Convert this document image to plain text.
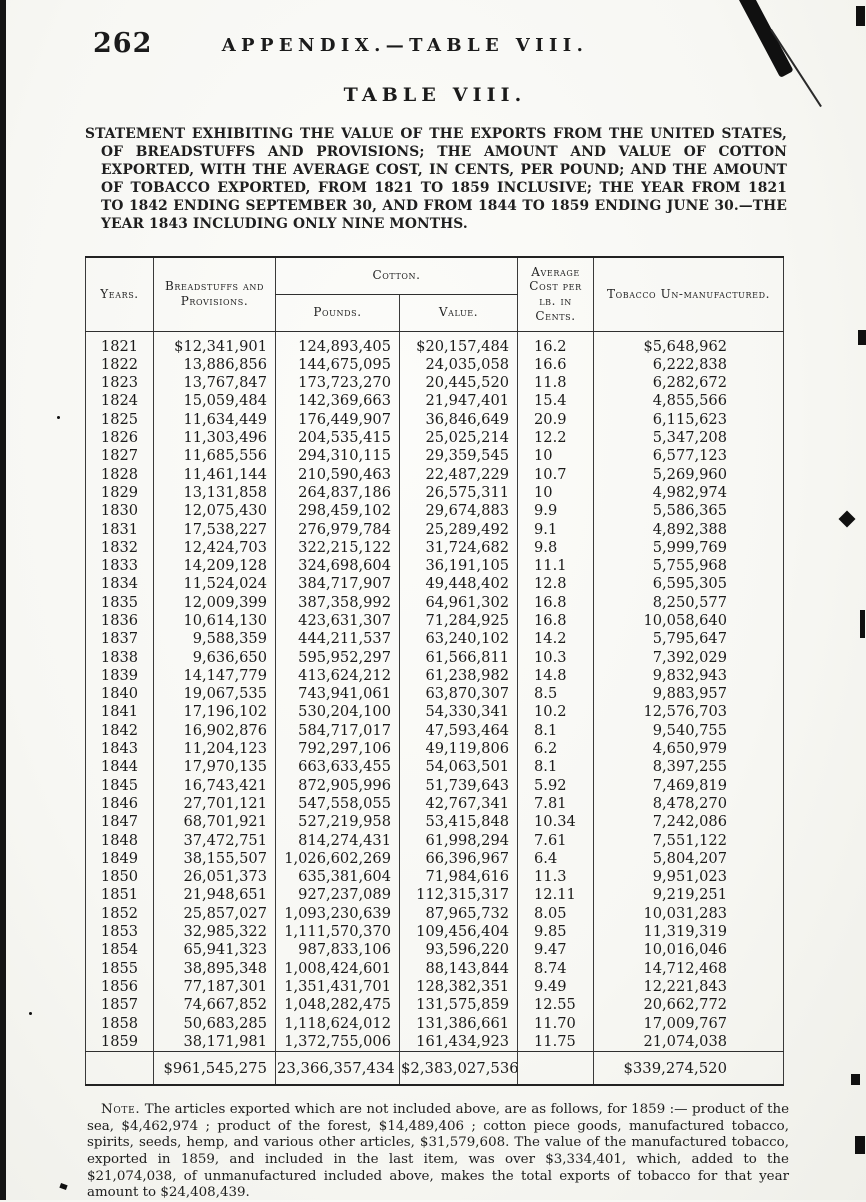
262	APPENDIX.—TABLE VIII.
TABLE VIII.

STATEMENT EXHIBITING THE VALUE OF THE EXPORTS FROM THE UNITED STATES, OF BREADSTUFFS AND PROVISIONS; THE AMOUNT AND VALUE OF COTTON EXPORTED, WITH THE AVERAGE COST, IN CENTS, PER POUND; AND THE AMOUNT OF TOBACCO EXPORTED, FROM 1821 TO 1859 INCLUSIVE; THE YEAR FROM 1821 TO 1842 ENDING SEPTEMBER 30, AND FROM 1844 TO 1859 ENDING JUNE 30.—THE YEAR 1843 INCLUDING ONLY NINE MONTHS.

Years.	Breadstuffs and Provisions.	Cotton.		Average Cost per lb. in Cents.	Tobacco Un-manufactured.
		Pounds.	Value.		
1821	$12,341,901	124,893,405	$20,157,484	16.2	$5,648,962
1822	13,886,856	144,675,095	24,035,058	16.6	6,222,838
1823	13,767,847	173,723,270	20,445,520	11.8	6,282,672
1824	15,059,484	142,369,663	21,947,401	15.4	4,855,566
1825	11,634,449	176,449,907	36,846,649	20.9	6,115,623
1826	11,303,496	204,535,415	25,025,214	12.2	5,347,208
1827	11,685,556	294,310,115	29,359,545	10	6,577,123
1828	11,461,144	210,590,463	22,487,229	10.7	5,269,960
1829	13,131,858	264,837,186	26,575,311	10	4,982,974
1830	12,075,430	298,459,102	29,674,883	9.9	5,586,365
1831	17,538,227	276,979,784	25,289,492	9.1	4,892,388
1832	12,424,703	322,215,122	31,724,682	9.8	5,999,769
1833	14,209,128	324,698,604	36,191,105	11.1	5,755,968
1834	11,524,024	384,717,907	49,448,402	12.8	6,595,305
1835	12,009,399	387,358,992	64,961,302	16.8	8,250,577
1836	10,614,130	423,631,307	71,284,925	16.8	10,058,640
1837	9,588,359	444,211,537	63,240,102	14.2	5,795,647
1838	9,636,650	595,952,297	61,566,811	10.3	7,392,029
1839	14,147,779	413,624,212	61,238,982	14.8	9,832,943
1840	19,067,535	743,941,061	63,870,307	8.5	9,883,957
1841	17,196,102	530,204,100	54,330,341	10.2	12,576,703
1842	16,902,876	584,717,017	47,593,464	8.1	9,540,755
1843	11,204,123	792,297,106	49,119,806	6.2	4,650,979
1844	17,970,135	663,633,455	54,063,501	8.1	8,397,255
1845	16,743,421	872,905,996	51,739,643	5.92	7,469,819
1846	27,701,121	547,558,055	42,767,341	7.81	8,478,270
1847	68,701,921	527,219,958	53,415,848	10.34	7,242,086
1848	37,472,751	814,274,431	61,998,294	7.61	7,551,122
1849	38,155,507	1,026,602,269	66,396,967	6.4	5,804,207
1850	26,051,373	635,381,604	71,984,616	11.3	9,951,023
1851	21,948,651	927,237,089	112,315,317	12.11	9,219,251
1852	25,857,027	1,093,230,639	87,965,732	8.05	10,031,283
1853	32,985,322	1,111,570,370	109,456,404	9.85	11,319,319
1854	65,941,323	987,833,106	93,596,220	9.47	10,016,046
1855	38,895,348	1,008,424,601	88,143,844	8.74	14,712,468
1856	77,187,301	1,351,431,701	128,382,351	9.49	12,221,843
1857	74,667,852	1,048,282,475	131,575,859	12.55	20,662,772
1858	50,683,285	1,118,624,012	131,386,661	11.70	17,009,767
1859	38,171,981	1,372,755,006	161,434,923	11.75	21,074,038
	$961,545,275	23,366,357,434	$2,383,027,536		$339,274,520

Note. The articles exported which are not included above, are as follows, for 1859 :— product of the sea, $4,462,974 ; product of the forest, $14,489,406 ; cotton piece goods, manufactured tobacco, spirits, seeds, hemp, and various other articles, $31,579,608. The value of the manufactured tobacco, exported in 1859, and included in the last item, was over $3,334,401, which, added to the $21,074,038, of unmanufactured included above, makes the total exports of tobacco for that year amount to $24,408,439.
